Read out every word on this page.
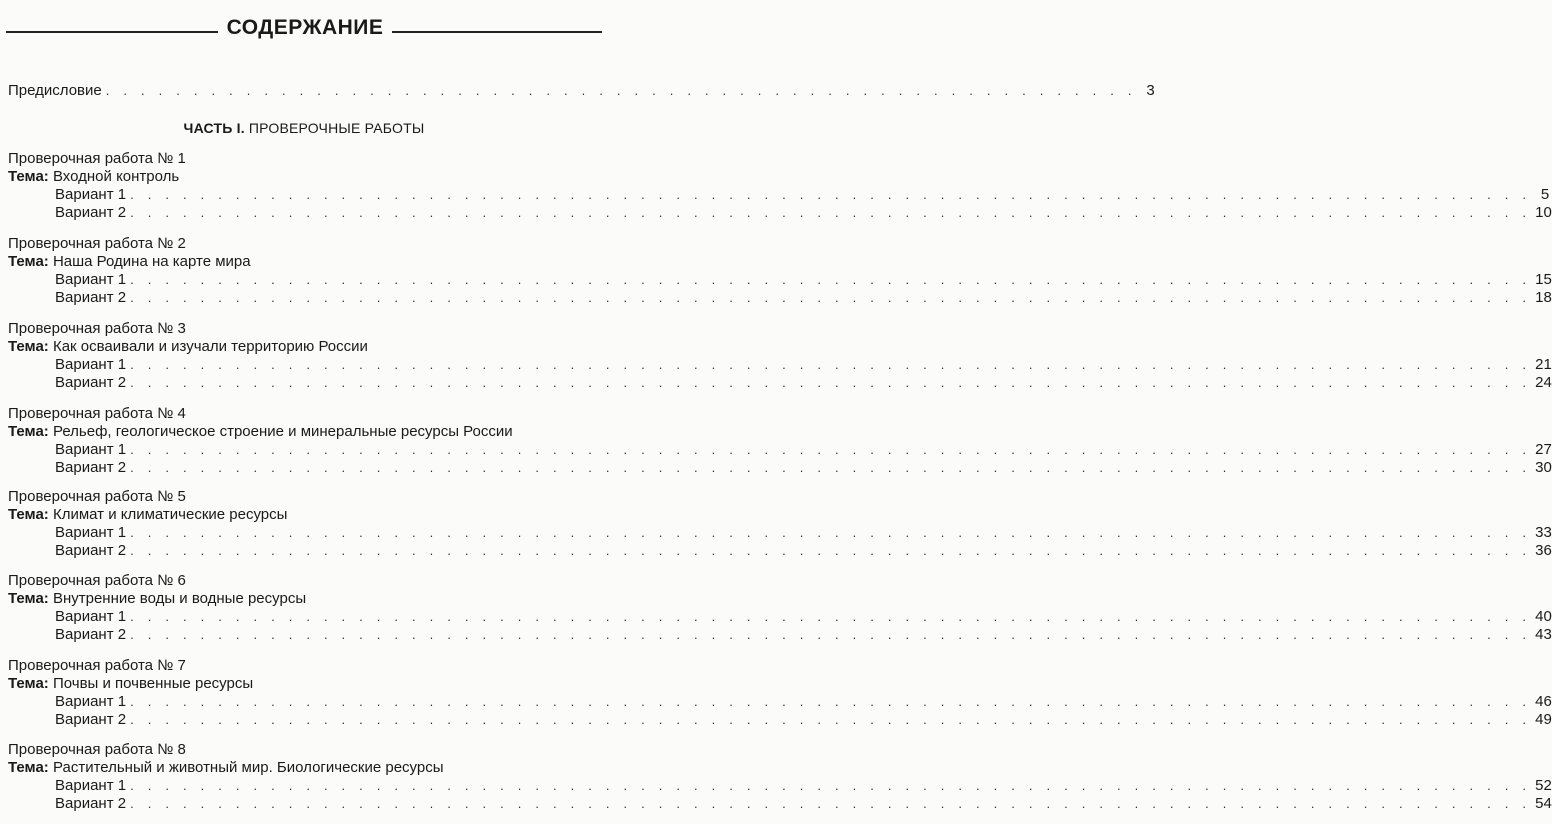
СОДЕРЖАНИЕ
Предисловие . . . . . . . . . . . . . . . . . . . . . . . . . . . . . . . . . . . . . . . . . . . . . . . . . . . . . . . . . . . 3
ЧАСТЬ I. ПРОВЕРОЧНЫЕ РАБОТЫ
Проверочная работа № 1
Тема: Входной контроль
Вариант 1 . . . . . . . . . . . . . . . . . . . . . . . . . . . . . . . . . . . . . . . . . . . . . . . . . . . . . . . . . . . . . . . . . . . . . . . . . . . . . . . . 5
Вариант 2 . . . . . . . . . . . . . . . . . . . . . . . . . . . . . . . . . . . . . . . . . . . . . . . . . . . . . . . . . . . . . . . . . . . . . . . . . . . . . . . . 10
Проверочная работа № 2
Тема: Наша Родина на карте мира
Вариант 1 . . . . . . . . . . . . . . . . . . . . . . . . . . . . . . . . . . . . . . . . . . . . . . . . . . . . . . . . . . . . . . . . . . . . . . . . . . . . . . . . 15
Вариант 2 . . . . . . . . . . . . . . . . . . . . . . . . . . . . . . . . . . . . . . . . . . . . . . . . . . . . . . . . . . . . . . . . . . . . . . . . . . . . . . . . 18
Проверочная работа № 3
Тема: Как осваивали и изучали территорию России
Вариант 1 . . . . . . . . . . . . . . . . . . . . . . . . . . . . . . . . . . . . . . . . . . . . . . . . . . . . . . . . . . . . . . . . . . . . . . . . . . . . . . . . 21
Вариант 2 . . . . . . . . . . . . . . . . . . . . . . . . . . . . . . . . . . . . . . . . . . . . . . . . . . . . . . . . . . . . . . . . . . . . . . . . . . . . . . . . 24
Проверочная работа № 4
Тема: Рельеф, геологическое строение и минеральные ресурсы России
Вариант 1 . . . . . . . . . . . . . . . . . . . . . . . . . . . . . . . . . . . . . . . . . . . . . . . . . . . . . . . . . . . . . . . . . . . . . . . . . . . . . . . . 27
Вариант 2 . . . . . . . . . . . . . . . . . . . . . . . . . . . . . . . . . . . . . . . . . . . . . . . . . . . . . . . . . . . . . . . . . . . . . . . . . . . . . . . . 30
Проверочная работа № 5
Тема: Климат и климатические ресурсы
Вариант 1 . . . . . . . . . . . . . . . . . . . . . . . . . . . . . . . . . . . . . . . . . . . . . . . . . . . . . . . . . . . . . . . . . . . . . . . . . . . . . . . . 33
Вариант 2 . . . . . . . . . . . . . . . . . . . . . . . . . . . . . . . . . . . . . . . . . . . . . . . . . . . . . . . . . . . . . . . . . . . . . . . . . . . . . . . . 36
Проверочная работа № 6
Тема: Внутренние воды и водные ресурсы
Вариант 1 . . . . . . . . . . . . . . . . . . . . . . . . . . . . . . . . . . . . . . . . . . . . . . . . . . . . . . . . . . . . . . . . . . . . . . . . . . . . . . . . 40
Вариант 2 . . . . . . . . . . . . . . . . . . . . . . . . . . . . . . . . . . . . . . . . . . . . . . . . . . . . . . . . . . . . . . . . . . . . . . . . . . . . . . . . 43
Проверочная работа № 7
Тема: Почвы и почвенные ресурсы
Вариант 1 . . . . . . . . . . . . . . . . . . . . . . . . . . . . . . . . . . . . . . . . . . . . . . . . . . . . . . . . . . . . . . . . . . . . . . . . . . . . . . . . 46
Вариант 2 . . . . . . . . . . . . . . . . . . . . . . . . . . . . . . . . . . . . . . . . . . . . . . . . . . . . . . . . . . . . . . . . . . . . . . . . . . . . . . . . 49
Проверочная работа № 8
Тема: Растительный и животный мир. Биологические ресурсы
Вариант 1 . . . . . . . . . . . . . . . . . . . . . . . . . . . . . . . . . . . . . . . . . . . . . . . . . . . . . . . . . . . . . . . . . . . . . . . . . . . . . . . . 52
Вариант 2 . . . . . . . . . . . . . . . . . . . . . . . . . . . . . . . . . . . . . . . . . . . . . . . . . . . . . . . . . . . . . . . . . . . . . . . . . . . . . . . . 54
